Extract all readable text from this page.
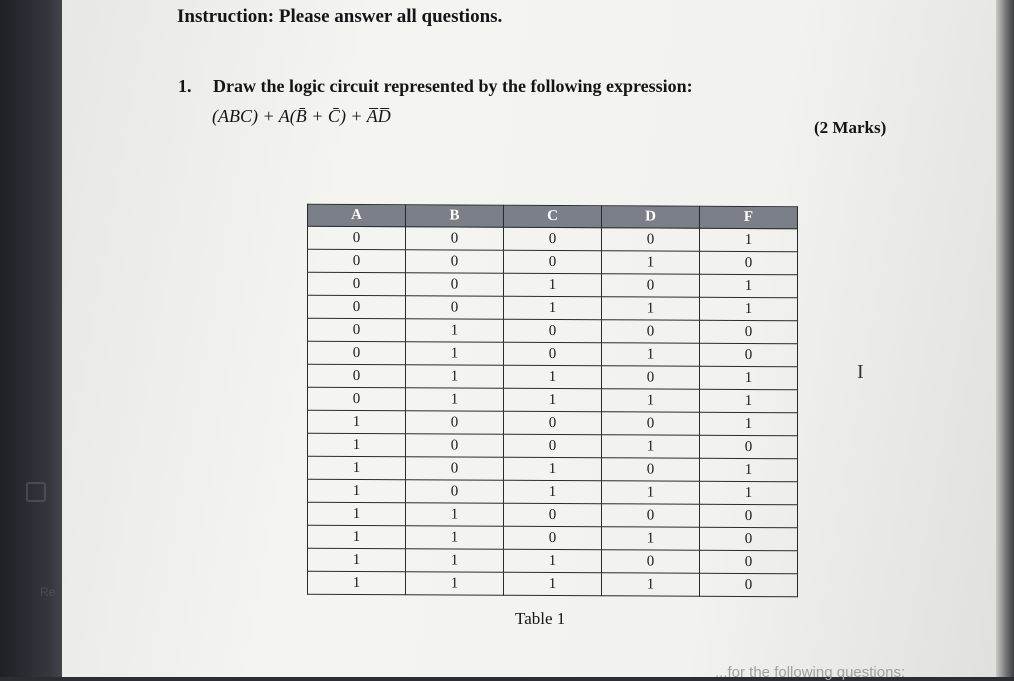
Re
Instruction: Please answer all questions.
1. Draw the logic circuit represented by the following expression:
(ABC) + A(B̄ + C̄) + A̅D̅
(2 Marks)
A	B	C	D	F
0	0	0	0	1
0	0	0	1	0
0	0	1	0	1
0	0	1	1	1
0	1	0	0	0
0	1	0	1	0
0	1	1	0	1
0	1	1	1	1
1	0	0	0	1
1	0	0	1	0
1	0	1	0	1
1	0	1	1	1
1	1	0	0	0
1	1	0	1	0
1	1	1	0	0
1	1	1	1	0
Table 1
...for the following questions:
I
